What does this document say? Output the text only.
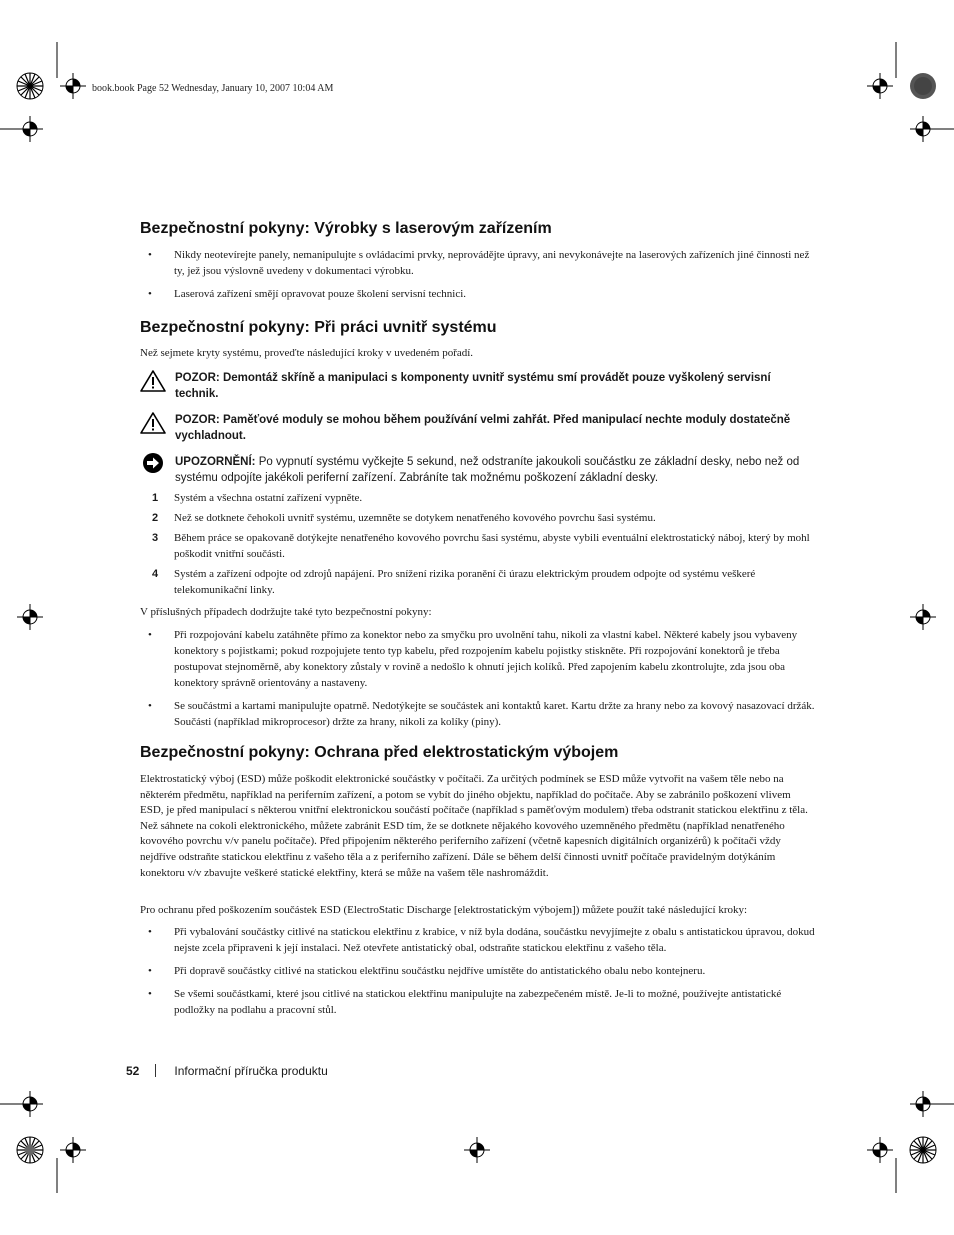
book.book Page 52 Wednesday, January 10, 2007 10:04 AM
Bezpečnostní pokyny: Výrobky s laserovým zařízením
• Nikdy neotevírejte panely, nemanipulujte s ovládacími prvky, neprovádějte úpravy, ani nevykonávejte na laserových zařízeních jiné činnosti než ty, jež jsou výslovně uvedeny v dokumentaci výrobku.
• Laserová zařízení smějí opravovat pouze školení servisní technici.
Bezpečnostní pokyny: Při práci uvnitř systému

Než sejmete kryty systému, proveďte následující kroky v uvedeném pořadí.

POZOR: Demontáž skříně a manipulaci s komponenty uvnitř systému smí provádět pouze vyškolený servisní technik.
POZOR: Paměťové moduly se mohou během používání velmi zahřát. Před manipulací nechte moduly dostatečně vychladnout.
UPOZORNĚNÍ: Po vypnutí systému vyčkejte 5 sekund, než odstraníte jakoukoli součástku ze základní desky, nebo než od systému odpojíte jakékoli periferní zařízení. Zabráníte tak možnému poškození základní desky.
1 Systém a všechna ostatní zařízení vypněte.
2 Než se dotknete čehokoli uvnitř systému, uzemněte se dotykem nenatřeného kovového povrchu šasi systému.
3 Během práce se opakovaně dotýkejte nenatřeného kovového povrchu šasi systému, abyste vybili eventuální elektrostatický náboj, který by mohl poškodit vnitřní součásti.
4 Systém a zařízení odpojte od zdrojů napájení. Pro snížení rizika poranění či úrazu elektrickým proudem odpojte od systému veškeré telekomunikační linky.

V příslušných případech dodržujte také tyto bezpečnostní pokyny:

• Při rozpojování kabelu zatáhněte přímo za konektor nebo za smyčku pro uvolnění tahu, nikoli za vlastní kabel. Některé kabely jsou vybaveny konektory s pojistkami; pokud rozpojujete tento typ kabelu, před rozpojením kabelu pojistky stiskněte. Při rozpojování konektorů je třeba postupovat stejnoměrně, aby konektory zůstaly v rovině a nedošlo k ohnutí jejich kolíků. Před zapojením kabelu zkontrolujte, zda jsou oba konektory správně orientovány a nastaveny.
• Se součástmi a kartami manipulujte opatrně. Nedotýkejte se součástek ani kontaktů karet. Kartu držte za hrany nebo za kovový nasazovací držák. Součásti (například mikroprocesor) držte za hrany, nikoli za kolíky (piny).
Bezpečnostní pokyny: Ochrana před elektrostatickým výbojem

Elektrostatický výboj (ESD) může poškodit elektronické součástky v počítači. Za určitých podmínek se ESD může vytvořit na vašem těle nebo na některém předmětu, například na periferním zařízení, a potom se vybít do jiného objektu, například do počítače. Aby se zabránilo poškození vlivem ESD, je před manipulací s některou vnitřní elektronickou součástí počítače (například s paměťovým modulem) třeba odstranit statickou elektřinu z těla. Než sáhnete na cokoli elektronického, můžete zabránit ESD tím, že se dotknete nějakého kovového uzemněného předmětu (například nenatřeného kovového povrchu v/v panelu počítače). Před připojením některého periferního zařízení (včetně kapesních digitálních organizérů) k počítači vždy nejdříve odstraňte statickou elektřinu z vašeho těla a z periferního zařízení. Dále se během delší činnosti uvnitř počítače pravidelným dotýkáním konektoru v/v zbavujte veškeré statické elektřiny, která se může na vašem těle nashromáždit.

Pro ochranu před poškozením součástek ESD (ElectroStatic Discharge [elektrostatickým výbojem]) můžete použít také následující kroky:

• Při vybalování součástky citlivé na statickou elektřinu z krabice, v níž byla dodána, součástku nevyjímejte z obalu s antistatickou úpravou, dokud nejste zcela připraveni k její instalaci. Než otevřete antistatický obal, odstraňte statickou elektřinu z vašeho těla.
• Při dopravě součástky citlivé na statickou elektřinu součástku nejdříve umístěte do antistatického obalu nebo kontejneru.
• Se všemi součástkami, které jsou citlivé na statickou elektřinu manipulujte na zabezpečeném místě. Je-li to možné, používejte antistatické podložky na podlahu a pracovní stůl.
52	Informační příručka produktu
